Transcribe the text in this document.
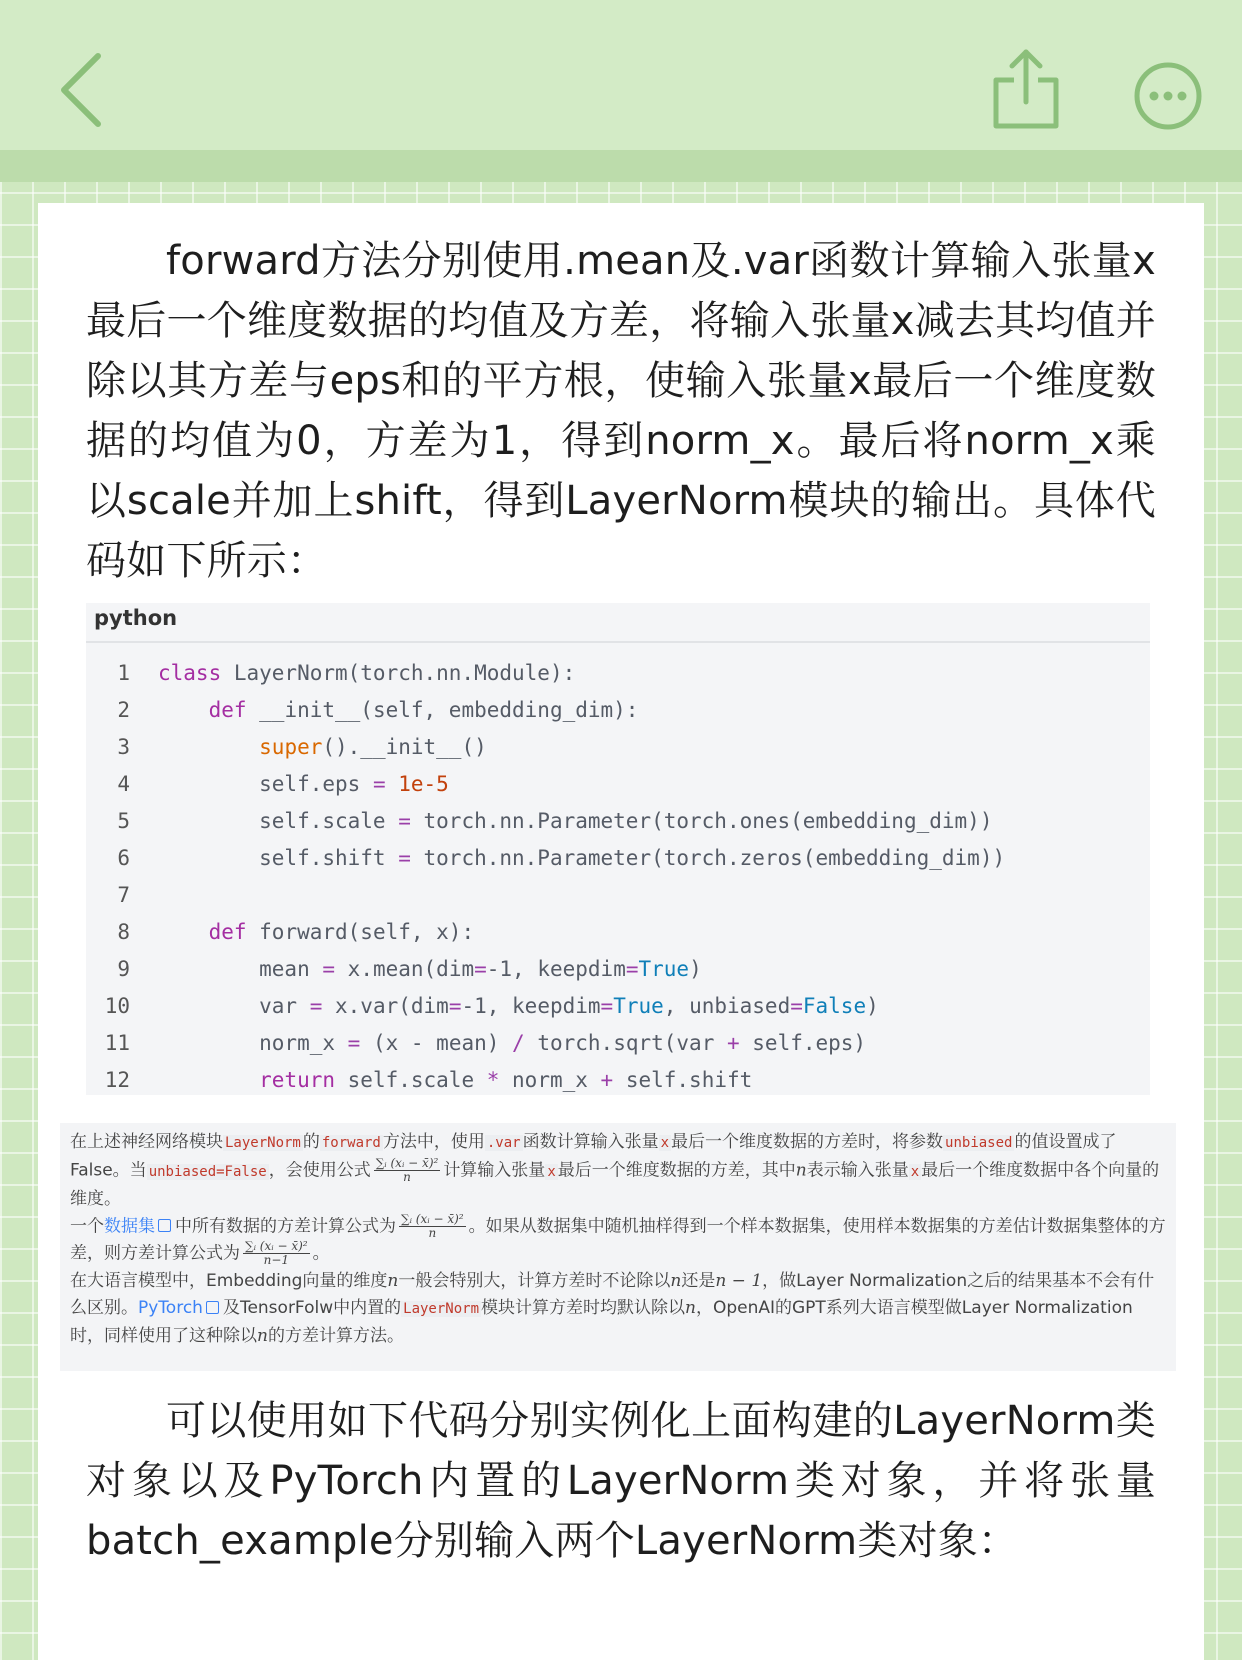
forward方法分别使用.mean及.var函数计算输入张量x最后一个维度数据的均值及方差，将输入张量x减去其均值并除以其方差与eps和的平方根，使输入张量x最后一个维度数据的均值为0，方差为1，得到norm_x。最后将norm_x乘以scale并加上shift，得到LayerNorm模块的输出。具体代码如下所示：

python
1 class LayerNorm(torch.nn.Module):
2	def __init__(self, embedding_dim):
3	super().__init__()
4 self.eps = 1e-5
5 self.scale = torch.nn.Parameter(torch.ones(embedding_dim))
6 self.shift = torch.nn.Parameter(torch.zeros(embedding_dim))
7
8	def forward(self, x):
9 mean = x.mean(dim=-1, keepdim=True)
10 var = x.var(dim=-1, keepdim=True, unbiased=False)
11 norm_x = (x - mean) / torch.sqrt(var + self.eps)
12	return self.scale * norm_x + self.shift

在上述神经网络模块 LayerNorm 的 forward 方法中，使用 .var 函数计算输入张量 x 最后一个维度数据的方差时，将参数 unbiased 的值设置成了False。当 unbiased=False ，会使用公式 $\frac{\text{∑ᵢ (xᵢ − x̄)²}}{n}$ 计算输入张量 x 最后一个维度数据的方差，其中n表示输入张量 x 最后一个维度数据中各个向量的维度。

一个数据集 中所有数据的方差计算公式为 $\frac{\text{∑ᵢ (xᵢ − x̄)²}}{n}$ 。如果从数据集中随机抽样得到一个样本数据集，使用样本数据集的方差估计数据集整体的方差，则方差计算公式为 $\frac{\text{∑ᵢ (xᵢ − x̄)²}}{n-1}$ 。

在大语言模型中，Embedding向量的维度n一般会特别大，计算方差时不论除以n还是n − 1，做Layer Normalization之后的结果基本不会有什么区别。PyTorch 及TensorFolw中内置的 LayerNorm 模块计算方差时均默认除以n，OpenAI的GPT系列大语言模型做Layer Normalization时，同样使用了这种除以n的方差计算方法。

可以使用如下代码分别实例化上面构建的LayerNorm类对象以及PyTorch内置的LayerNorm类对象，并将张量batch_example分别输入两个LayerNorm类对象：
